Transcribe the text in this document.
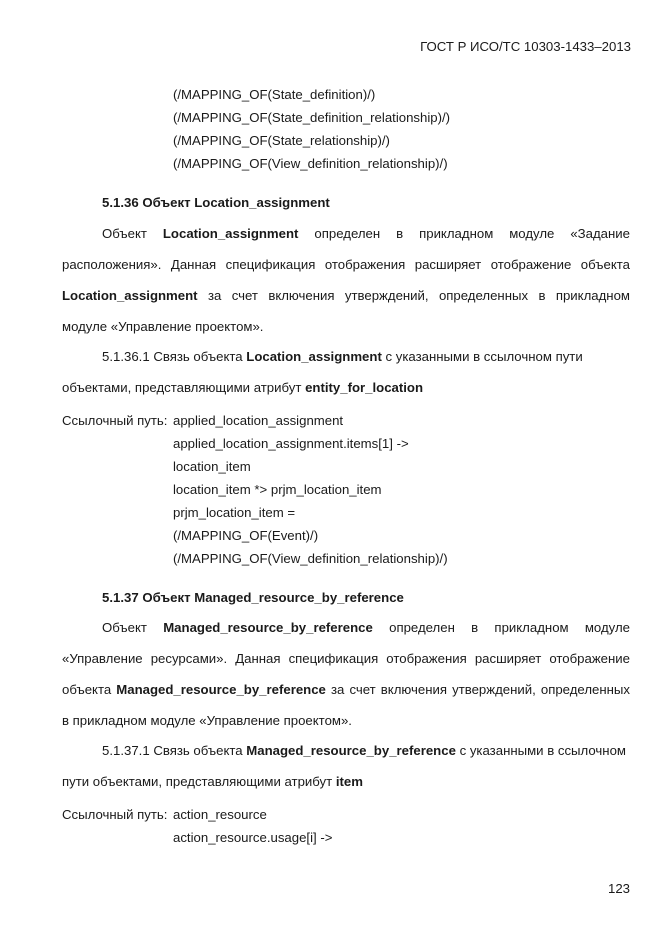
ГОСТ Р ИСО/ТС 10303-1433–2013
(/MAPPING_OF(State_definition)/)
(/MAPPING_OF(State_definition_relationship)/)
(/MAPPING_OF(State_relationship)/)
(/MAPPING_OF(View_definition_relationship)/)
5.1.36 Объект Location_assignment
Объект Location_assignment определен в прикладном модуле «Задание
расположения». Данная спецификация отображения расширяет отображение объекта
Location_assignment за счет включения утверждений, определенных в прикладном
модуле «Управление проектом».
5.1.36.1 Связь объекта Location_assignment с указанными в ссылочном пути
объектами, представляющими атрибут entity_for_location
Ссылочный путь: applied_location_assignment
applied_location_assignment.items[1] ->
location_item
location_item *> prjm_location_item
prjm_location_item =
(/MAPPING_OF(Event)/)
(/MAPPING_OF(View_definition_relationship)/)
5.1.37 Объект Managed_resource_by_reference
Объект Managed_resource_by_reference определен в прикладном модуле
«Управление ресурсами». Данная спецификация отображения расширяет отображение
объекта Managed_resource_by_reference за счет включения утверждений, определенных
в прикладном модуле «Управление проектом».
5.1.37.1 Связь объекта Managed_resource_by_reference с указанными в ссылочном
пути объектами, представляющими атрибут item
Ссылочный путь: action_resource
action_resource.usage[i] ->
123
